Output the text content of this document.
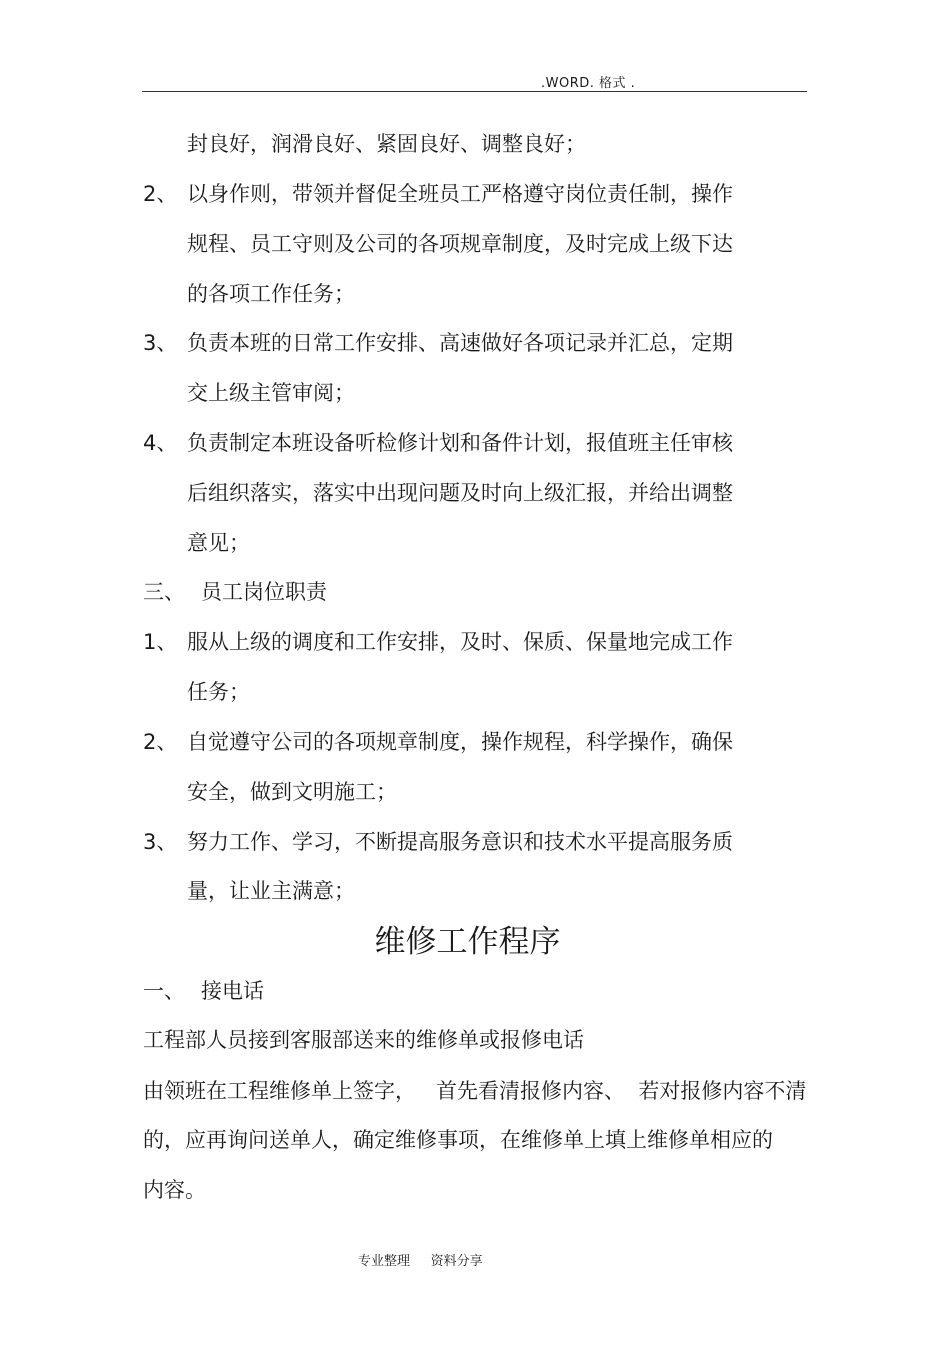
.WORD. 格式 .
封良好，润滑良好、紧固良好、调整良好；
2、 以身作则，带领并督促全班员工严格遵守岗位责任制，操作
规程、员工守则及公司的各项规章制度，及时完成上级下达
的各项工作任务；
3、 负责本班的日常工作安排、高速做好各项记录并汇总，定期
交上级主管审阅；
4、 负责制定本班设备听检修计划和备件计划，报值班主任审核
后组织落实，落实中出现问题及时向上级汇报，并给出调整
意见；
三、 员工岗位职责
1、 服从上级的调度和工作安排，及时、保质、保量地完成工作
任务；
2、 自觉遵守公司的各项规章制度，操作规程，科学操作，确保
安全，做到文明施工；
3、 努力工作、学习，不断提高服务意识和技术水平提高服务质
量，让业主满意；
维修工作程序
一、 接电话
工程部人员接到客服部送来的维修单或报修电话
由领班在工程维修单上签字，   首先看清报修内容、  若对报修内容不清
的，应再询问送单人，确定维修事项，在维修单上填上维修单相应的
内容。
专业整理     资料分享
